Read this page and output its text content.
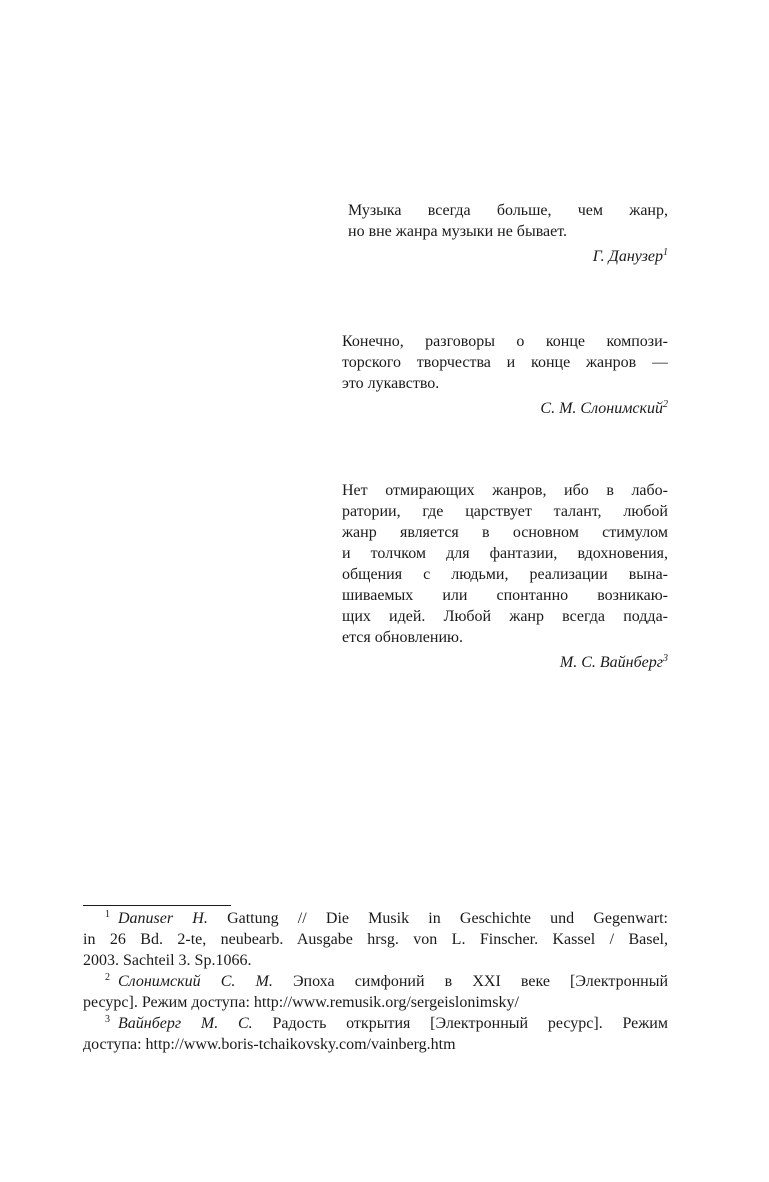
Музыка всегда больше, чем жанр,
но вне жанра музыки не бывает.
Г. Данузер$^1$
Конечно, разговоры о конце компози-
торского творчества и конце жанров —
это лукавство.
С. М. Слонимский$^2$
Нет отмирающих жанров, ибо в лабо-
ратории, где царствует талант, любой
жанр является в основном стимулом
и толчком для фантазии, вдохновения,
общения с людьми, реализации вына-
шиваемых или спонтанно возникаю-
щих идей. Любой жанр всегда подда-
ется обновлению.
М. С. Вайнберг$^3$
$^1$ Danuser H. Gattung // Die Musik in Geschichte und Gegenwart:
in 26 Bd. 2-te, neubearb. Ausgabe hrsg. von L. Finscher. Kassel / Basel,
2003. Sachteil 3. Sp.1066.
$^2$ Слонимский С. М. Эпоха симфоний в XXI веке [Электронный
ресурс]. Режим доступа: http://www.remusik.org/sergeislonimsky/
$^3$ Вайнберг М. С. Радость открытия [Электронный ресурс]. Режим
доступа: http://www.boris-tchaikovsky.com/vainberg.htm
